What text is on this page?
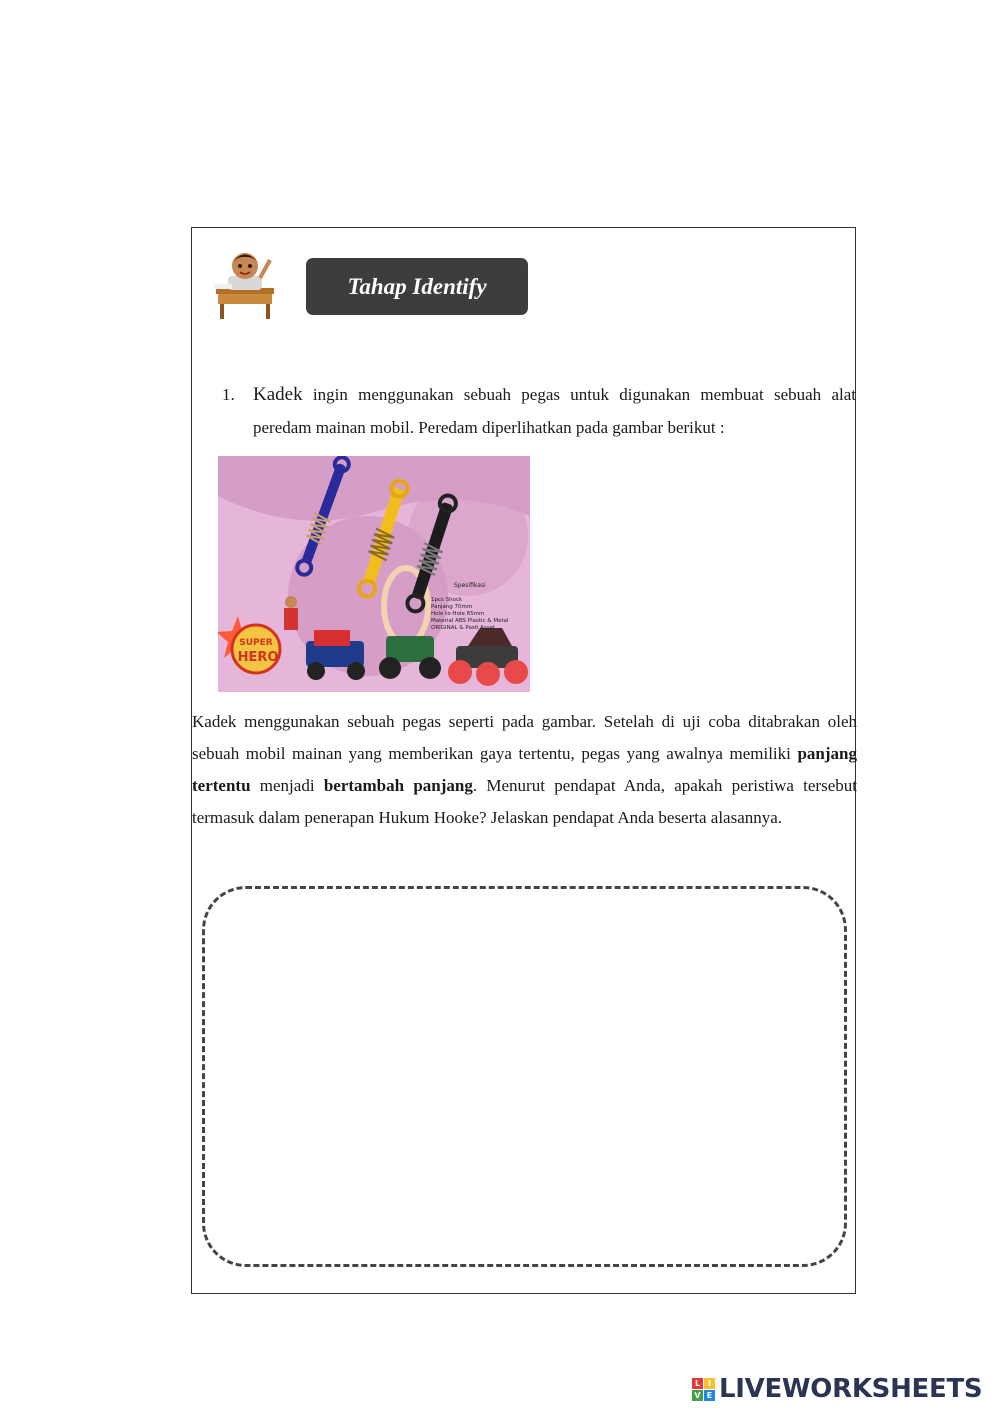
Tahap Identify
1. Kadek ingin menggunakan sebuah pegas untuk digunakan membuat sebuah alat peredam mainan mobil. Peredam diperlihatkan pada gambar berikut :
Spesifikasi
1pcs Shock
Panjang 70mm
Hole to Hole 65mm
Material ABS Plastic & Metal
ORIGINAL & Pasti Asset
SUPER
HERO
Kadek menggunakan sebuah pegas seperti pada gambar. Setelah di uji coba ditabrakan oleh sebuah mobil mainan yang memberikan gaya tertentu, pegas yang awalnya memiliki panjang tertentu menjadi bertambah panjang. Menurut pendapat Anda, apakah peristiwa tersebut termasuk dalam penerapan Hukum Hooke? Jelaskan pendapat Anda beserta alasannya.
L I
V E LIVEWORKSHEETS
